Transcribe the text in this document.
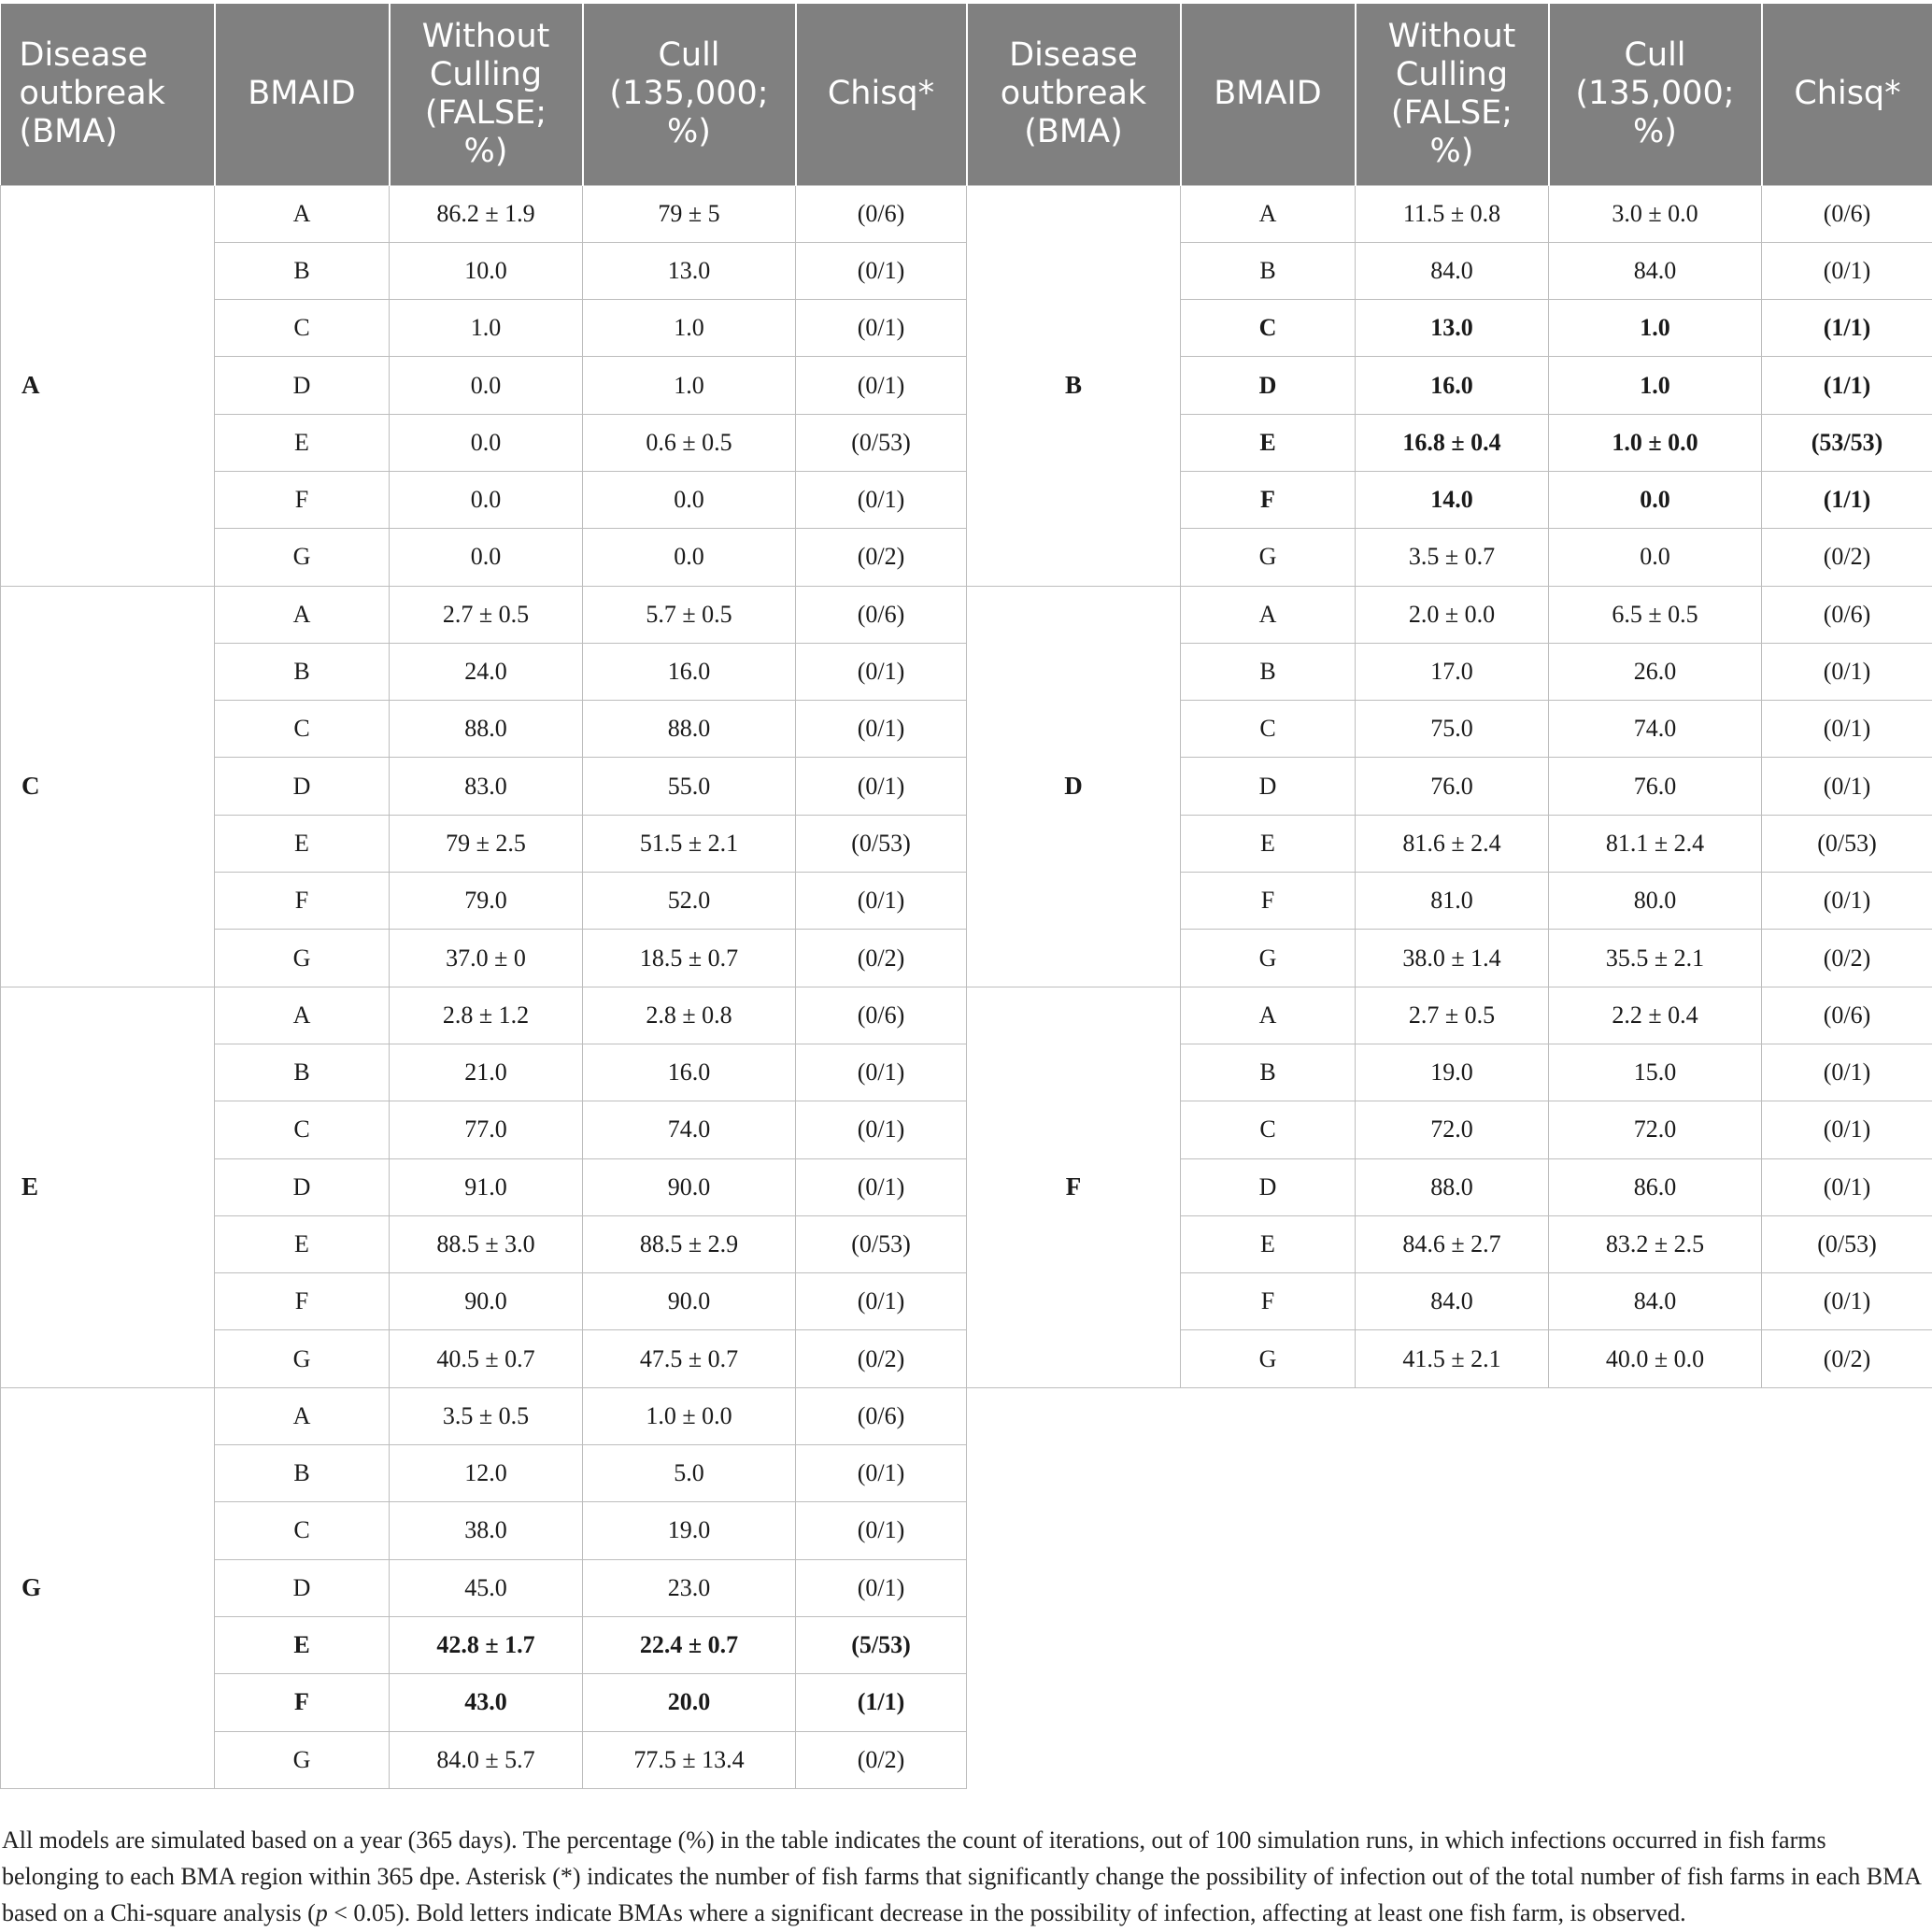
Disease outbreak (BMA)	BMAID	Without Culling (FALSE; %)	Cull (135,000; %)	Chisq*	Disease outbreak (BMA)	BMAID	Without Culling (FALSE; %)	Cull (135,000; %)	Chisq*
A	A	86.2 ± 1.9	79 ± 5	(0/6)	B	A	11.5 ± 0.8	3.0 ± 0.0	(0/6)
	B	10.0	13.0	(0/1)		B	84.0	84.0	(0/1)
	C	1.0	1.0	(0/1)		C	13.0	1.0	(1/1)
	D	0.0	1.0	(0/1)		D	16.0	1.0	(1/1)
	E	0.0	0.6 ± 0.5	(0/53)		E	16.8 ± 0.4	1.0 ± 0.0	(53/53)
	F	0.0	0.0	(0/1)		F	14.0	0.0	(1/1)
	G	0.0	0.0	(0/2)		G	3.5 ± 0.7	0.0	(0/2)
C	A	2.7 ± 0.5	5.7 ± 0.5	(0/6)	D	A	2.0 ± 0.0	6.5 ± 0.5	(0/6)
	B	24.0	16.0	(0/1)		B	17.0	26.0	(0/1)
	C	88.0	88.0	(0/1)		C	75.0	74.0	(0/1)
	D	83.0	55.0	(0/1)		D	76.0	76.0	(0/1)
	E	79 ± 2.5	51.5 ± 2.1	(0/53)		E	81.6 ± 2.4	81.1 ± 2.4	(0/53)
	F	79.0	52.0	(0/1)		F	81.0	80.0	(0/1)
	G	37.0 ± 0	18.5 ± 0.7	(0/2)		G	38.0 ± 1.4	35.5 ± 2.1	(0/2)
E	A	2.8 ± 1.2	2.8 ± 0.8	(0/6)	F	A	2.7 ± 0.5	2.2 ± 0.4	(0/6)
	B	21.0	16.0	(0/1)		B	19.0	15.0	(0/1)
	C	77.0	74.0	(0/1)		C	72.0	72.0	(0/1)
	D	91.0	90.0	(0/1)		D	88.0	86.0	(0/1)
	E	88.5 ± 3.0	88.5 ± 2.9	(0/53)		E	84.6 ± 2.7	83.2 ± 2.5	(0/53)
	F	90.0	90.0	(0/1)		F	84.0	84.0	(0/1)
	G	40.5 ± 0.7	47.5 ± 0.7	(0/2)		G	41.5 ± 2.1	40.0 ± 0.0	(0/2)
G	A	3.5 ± 0.5	1.0 ± 0.0	(0/6)					
	B	12.0	5.0	(0/1)					
	C	38.0	19.0	(0/1)					
	D	45.0	23.0	(0/1)					
	E	42.8 ± 1.7	22.4 ± 0.7	(5/53)					
	F	43.0	20.0	(1/1)					
	G	84.0 ± 5.7	77.5 ± 13.4	(0/2)					
All models are simulated based on a year (365 days). The percentage (%) in the table indicates the count of iterations, out of 100 simulation runs, in which infections occurred in fish farms belonging to each BMA region within 365 dpe. Asterisk (*) indicates the number of fish farms that significantly change the possibility of infection out of the total number of fish farms in each BMA based on a Chi-square analysis (p < 0.05). Bold letters indicate BMAs where a significant decrease in the possibility of infection, affecting at least one fish farm, is observed.
